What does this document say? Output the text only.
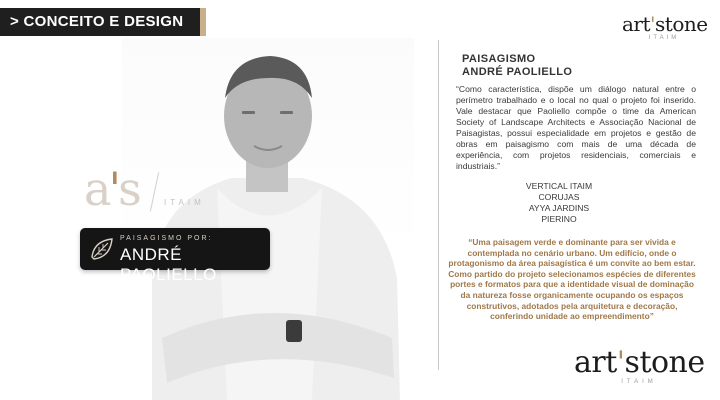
> CONCEITO E DESIGN	art'stone
ITAIM
a's	ITAIM
PAISAGISMO POR:
ANDRÉ PAOLIELLO
PAISAGISMO
ANDRÉ PAOLIELLO
“Como característica, dispõe um diálogo natural entre o perímetro trabalhado e o local no qual o projeto foi inserido. Vale destacar que Paoliello compõe o time da American Society of Landscape Architects e Associação Nacional de Paisagistas, possui especialidade em projetos e gestão de obras em paisagismo com mais de uma década de experiência, com projetos residenciais, comerciais e industriais.”
VERTICAL ITAIM
CORUJAS
AYYA JARDINS
PIERINO
“Uma paisagem verde e dominante para ser vivida e contemplada no cenário urbano. Um edifício, onde o protagonismo da área paisagística é um convite ao bem estar. Como partido do projeto selecionamos espécies de diferentes portes e formatos para que a identidade visual de dominação da natureza fosse organicamente ocupando os espaços construtivos, adotados pela arquitetura e decoração, conferindo unidade ao empreendimento”
art'stone
ITAIM
